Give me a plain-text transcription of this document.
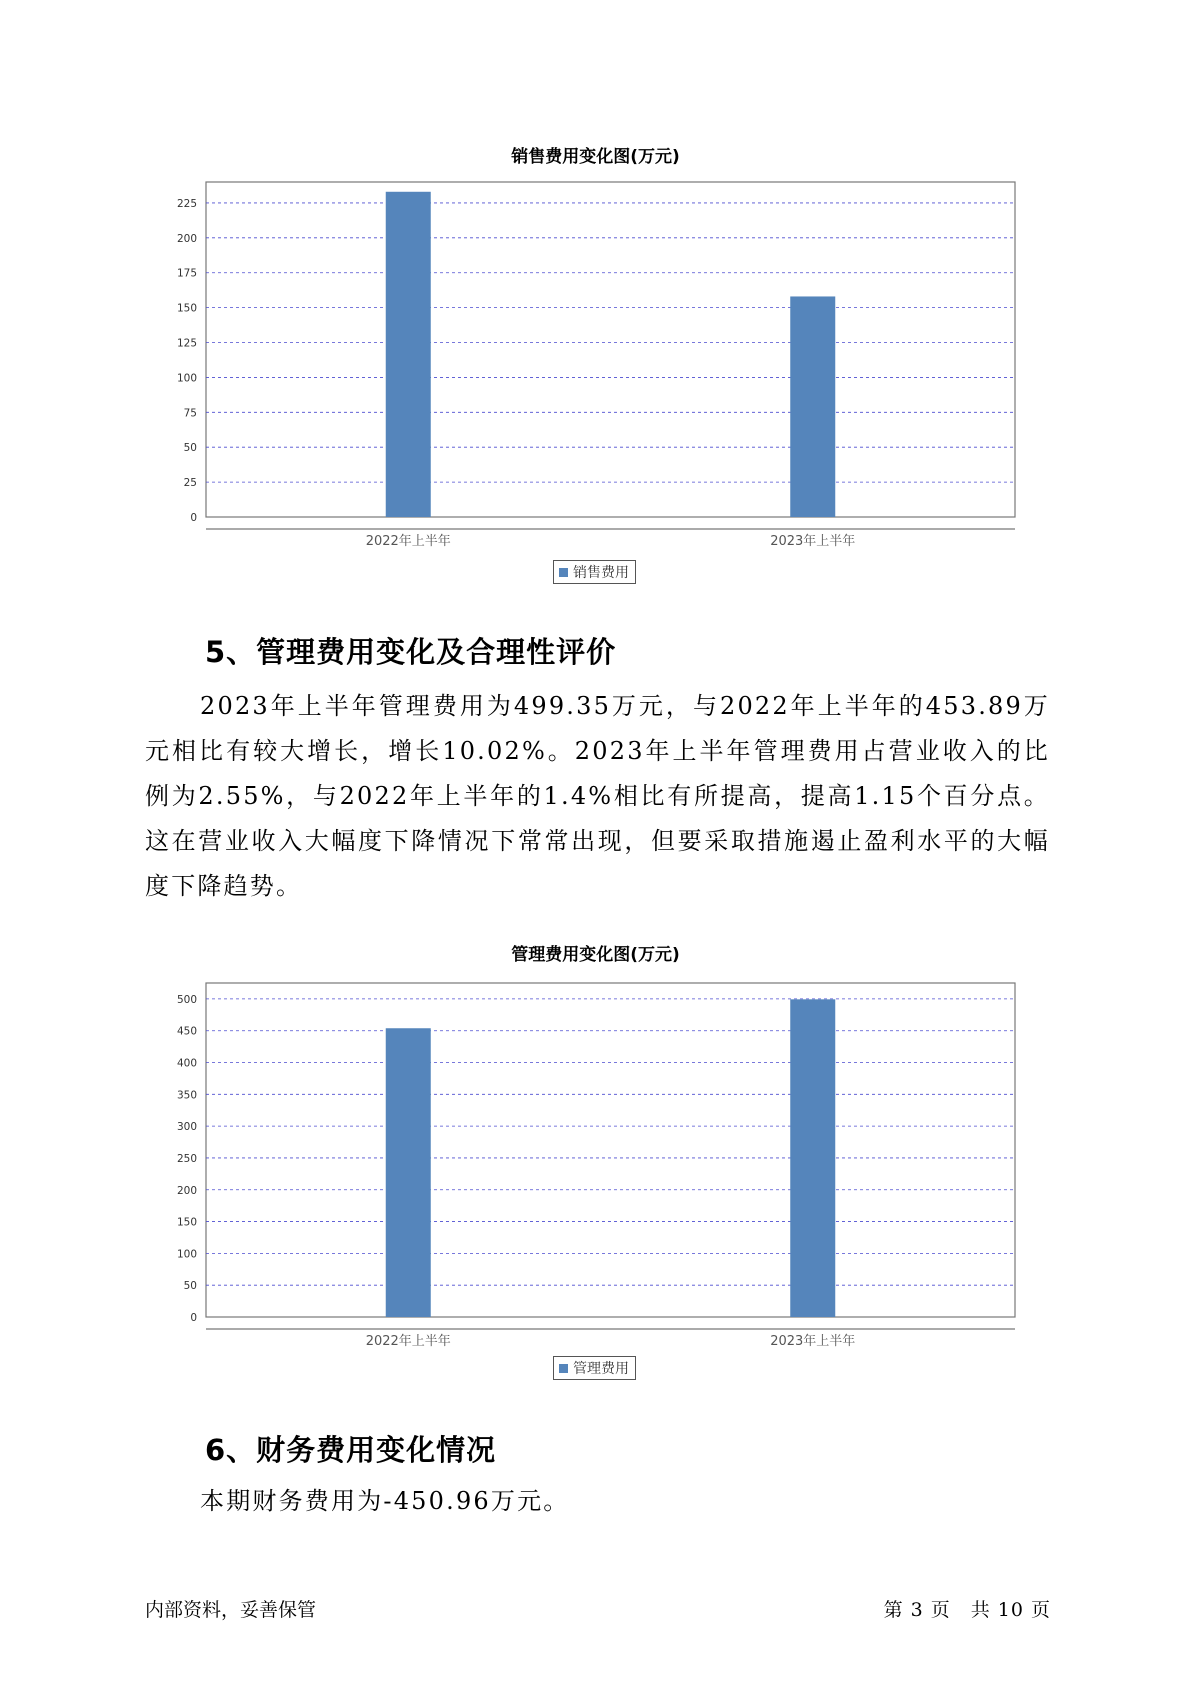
销售费用变化图(万元)
0
25
50
75
100
125
150
175
200
225
2022年上半年	2023年上半年
销售费用
5、管理费用变化及合理性评价

2023年上半年管理费用为499.35万元，与2022年上半年的453.89万元相比有较大增长，增长10.02%。2023年上半年管理费用占营业收入的比例为2.55%，与2022年上半年的1.4%相比有所提高，提高1.15个百分点。这在营业收入大幅度下降情况下常常出现，但要采取措施遏止盈利水平的大幅度下降趋势。

管理费用变化图(万元)
0
50
100
150
200
250
300
350
400
450
500
2022年上半年	2023年上半年
管理费用
6、财务费用变化情况

本期财务费用为-450.96万元。

内部资料，妥善保管	第 3 页　共 10 页
